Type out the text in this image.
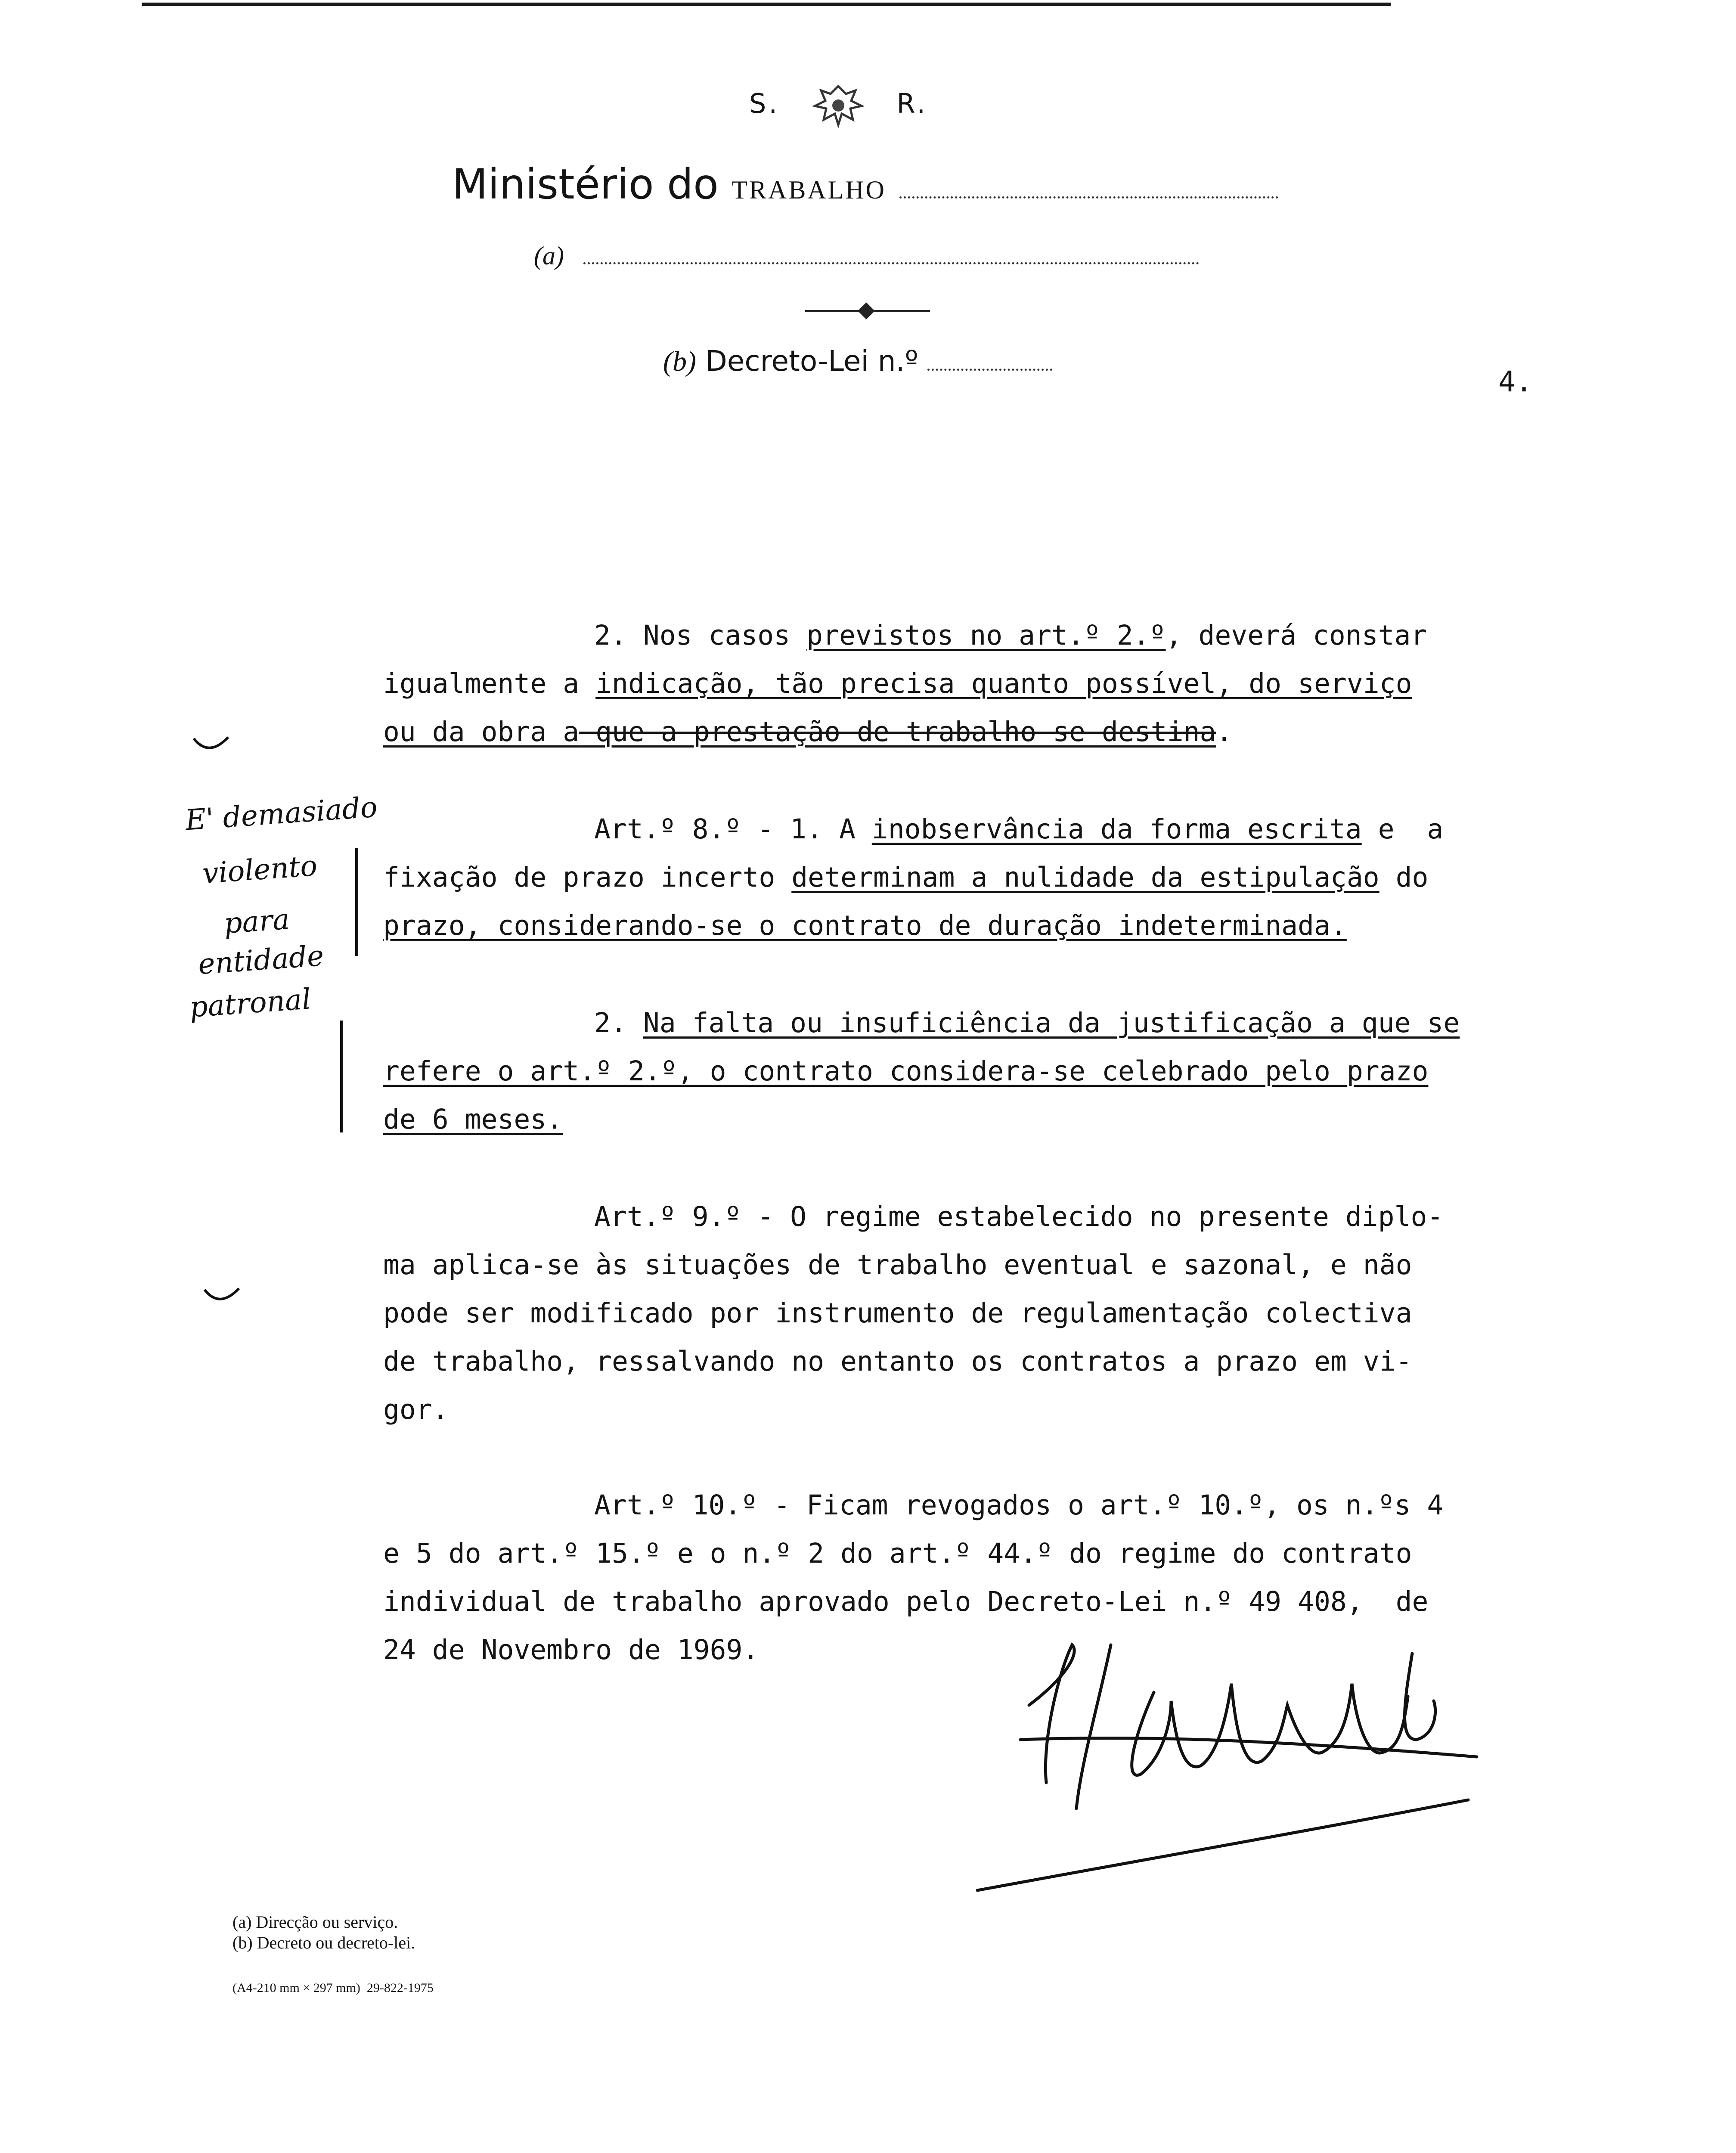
S.	R.
Ministério do TRABALHO
(a)
(b) Decreto-Lei n.º
4.
2. Nos casos previstos no art.º 2.º, deverá constar
igualmente a indicação, tão precisa quanto possível, do serviço
ou da obra a que a prestação de trabalho se destina.
Art.º 8.º - 1. A inobservância da forma escrita e  a
fixação de prazo incerto determinam a nulidade da estipulação do
prazo, considerando-se o contrato de duração indeterminada.
2. Na falta ou insuficiência da justificação a que se
refere o art.º 2.º, o contrato considera-se celebrado pelo prazo
de 6 meses.
Art.º 9.º - O regime estabelecido no presente diplo-
ma aplica-se às situações de trabalho eventual e sazonal, e não
pode ser modificado por instrumento de regulamentação colectiva
de trabalho, ressalvando no entanto os contratos a prazo em vi-
gor.
Art.º 10.º - Ficam revogados o art.º 10.º, os n.ºs 4
e 5 do art.º 15.º e o n.º 2 do art.º 44.º do regime do contrato
individual de trabalho aprovado pelo Decreto-Lei n.º 49 408,  de
24 de Novembro de 1969.
E' demasiado
violento
para
entidade
patronal
(a) Direcção ou serviço.
(b) Decreto ou decreto-lei.
(A4-210 mm × 297 mm)  29-822-1975
